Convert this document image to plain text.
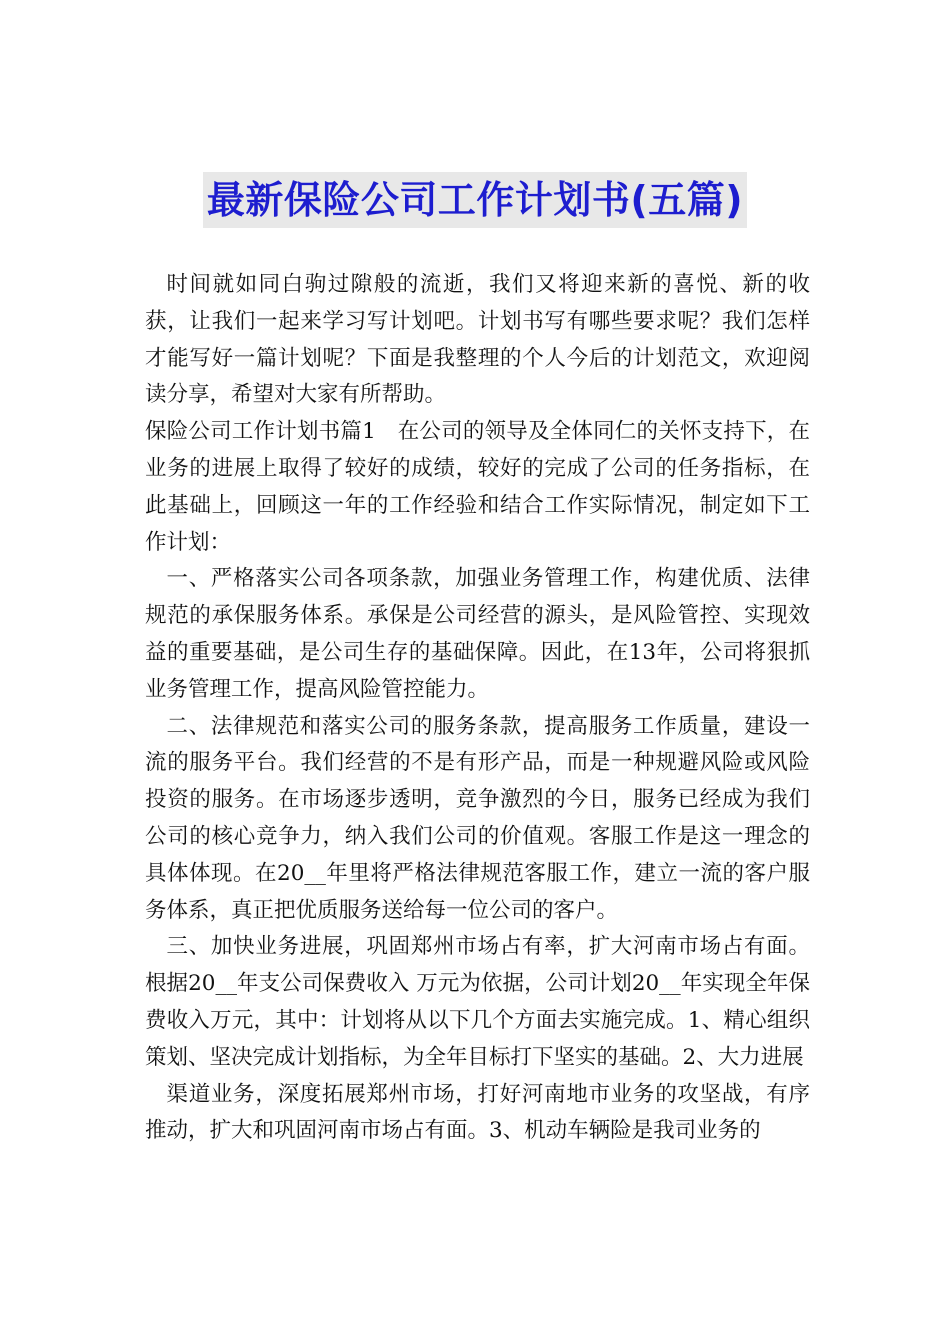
最新保险公司工作计划书(五篇)

时间就如同白驹过隙般的流逝，我们又将迎来新的喜悦、新的收获，让我们一起来学习写计划吧。计划书写有哪些要求呢？我们怎样才能写好一篇计划呢？下面是我整理的个人今后的计划范文，欢迎阅读分享，希望对大家有所帮助。

保险公司工作计划书篇1　在公司的领导及全体同仁的关怀支持下，在业务的进展上取得了较好的成绩，较好的完成了公司的任务指标，在此基础上，回顾这一年的工作经验和结合工作实际情况，制定如下工作计划：

一、严格落实公司各项条款，加强业务管理工作，构建优质、法律规范的承保服务体系。承保是公司经营的源头，是风险管控、实现效益的重要基础，是公司生存的基础保障。因此，在13年，公司将狠抓业务管理工作，提高风险管控能力。

二、法律规范和落实公司的服务条款，提高服务工作质量，建设一流的服务平台。我们经营的不是有形产品，而是一种规避风险或风险投资的服务。在市场逐步透明，竞争激烈的今日，服务已经成为我们公司的核心竞争力，纳入我们公司的价值观。客服工作是这一理念的具体体现。在20__年里将严格法律规范客服工作，建立一流的客户服务体系，真正把优质服务送给每一位公司的客户。

三、加快业务进展，巩固郑州市场占有率，扩大河南市场占有面。根据20__年支公司保费收入 万元为依据，公司计划20__年实现全年保费收入万元，其中：计划将从以下几个方面去实施完成。1、精心组织策划、坚决完成计划指标，为全年目标打下坚实的基础。2、大力进展

渠道业务，深度拓展郑州市场，打好河南地市业务的攻坚战，有序推动，扩大和巩固河南市场占有面。3、机动车辆险是我司业务的
